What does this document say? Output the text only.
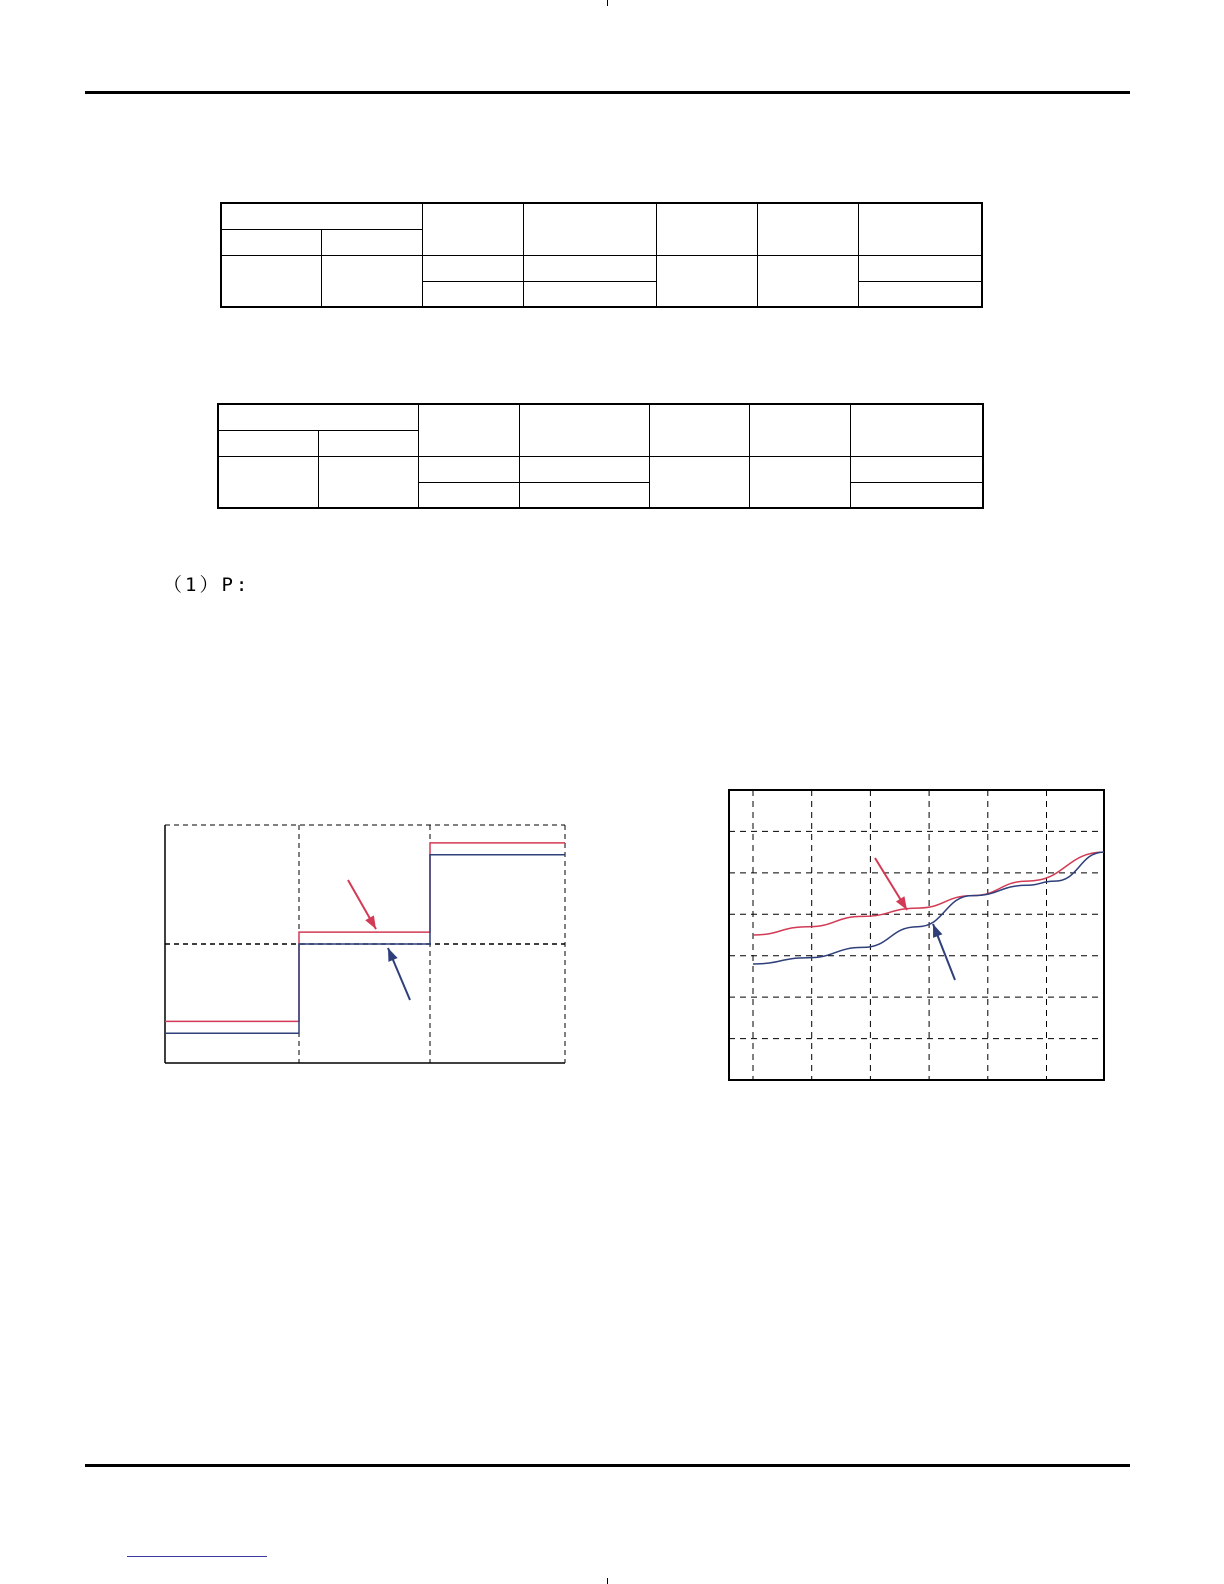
（1）P:
